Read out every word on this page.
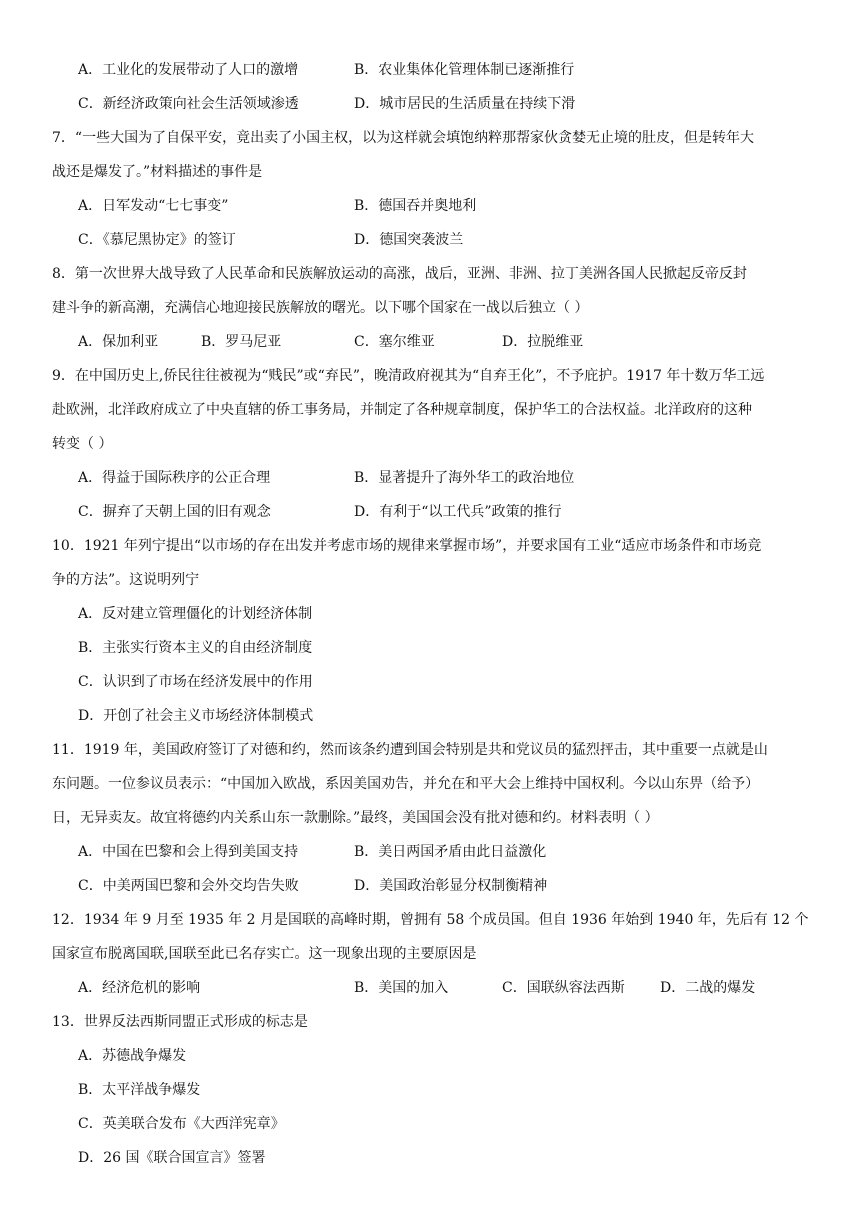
A．工业化的发展带动了人口的激增	B．农业集体化管理体制已逐渐推行
C．新经济政策向社会生活领域渗透	D．城市居民的生活质量在持续下滑
7．“一些大国为了自保平安，竟出卖了小国主权，以为这样就会填饱纳粹那帮家伙贪婪无止境的肚皮，但是转年大
战还是爆发了。”材料描述的事件是
A．日军发动“七七事变”	B．德国吞并奥地利
C．《慕尼黑协定》的签订	D．德国突袭波兰
8．第一次世界大战导致了人民革命和民族解放运动的高涨，战后，亚洲、非洲、拉丁美洲各国人民掀起反帝反封
建斗争的新高潮，充满信心地迎接民族解放的曙光。以下哪个国家在一战以后独立（ ）
A．保加利亚	B．罗马尼亚	C．塞尔维亚	D．拉脱维亚
9．在中国历史上,侨民往往被视为“贱民”或“弃民”，晚清政府视其为“自弃王化”，不予庇护。1917 年十数万华工远
赴欧洲，北洋政府成立了中央直辖的侨工事务局，并制定了各种规章制度，保护华工的合法权益。北洋政府的这种
转变（ ）
A．得益于国际秩序的公正合理	B．显著提升了海外华工的政治地位
C．摒弃了天朝上国的旧有观念	D．有利于“以工代兵”政策的推行
10．1921 年列宁提出“以市场的存在出发并考虑市场的规律来掌握市场”，并要求国有工业“适应市场条件和市场竞
争的方法”。这说明列宁
A．反对建立管理僵化的计划经济体制
B．主张实行资本主义的自由经济制度
C．认识到了市场在经济发展中的作用
D．开创了社会主义市场经济体制模式
11．1919 年，美国政府签订了对德和约，然而该条约遭到国会特别是共和党议员的猛烈抨击，其中重要一点就是山
东问题。一位参议员表示：“中国加入欧战，系因美国劝告，并允在和平大会上维持中国权利。今以山东畀（给予）
日，无异卖友。故宜将德约内关系山东一款删除。”最终，美国国会没有批对德和约。材料表明（ ）
A．中国在巴黎和会上得到美国支持	B．美日两国矛盾由此日益激化
C．中美两国巴黎和会外交均告失败	D．美国政治彰显分权制衡精神
12．1934 年 9 月至 1935 年 2 月是国联的高峰时期，曾拥有 58 个成员国。但自 1936 年始到 1940 年，先后有 12 个
国家宣布脱离国联,国联至此已名存实亡。这一现象出现的主要原因是
A．经济危机的影响	B．美国的加入	C．国联纵容法西斯	D．二战的爆发
13．世界反法西斯同盟正式形成的标志是
A．苏德战争爆发
B．太平洋战争爆发
C．英美联合发布《大西洋宪章》
D．26 国《联合国宣言》签署
